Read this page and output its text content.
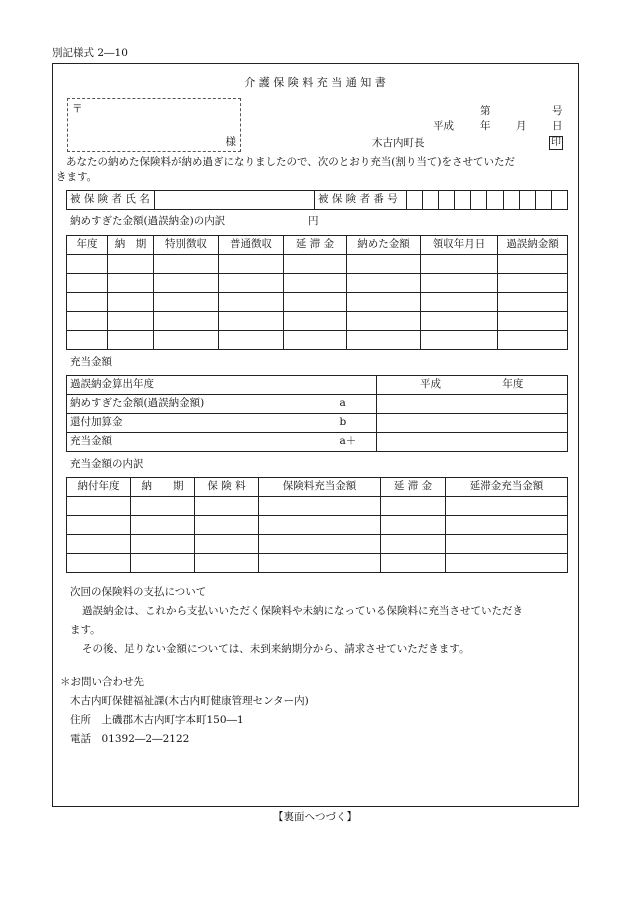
別記様式 2―10
介 護 保 険 料 充 当 通 知 書
〒
様
第	号
平成 年 月 日
木古内町長	印
あなたの納めた保険料が納め過ぎになりましたので、次のとおり充当(割り当て)をさせていただ
きます。
被 保 険 者 氏 名		被 保 険 者 番 号										
納めすぎた金額(過誤納金)の内訳	円
年度	納　期	特別徴収	普通徴収	延 滞 金	納めた金額	領収年月日	過誤納金額

充当金額
過誤納金算出年度		平成 年度
納めすぎた金額(過誤納金額)	a	
還付加算金	b	
充当金額	a＋	
充当金額の内訳
納付年度	納　　期	保 険 料	保険料充当金額	延 滞 金	延滞金充当金額

次回の保険料の支払について
過誤納金は、これから支払いいただく保険料や未納になっている保険料に充当させていただき
ます。
その後、足りない金額については、未到来納期分から、請求させていただきます。
＊お問い合わせ先
木古内町保健福祉課(木古内町健康管理センター内)
住所　上磯郡木古内町字本町150―1
電話　01392―2―2122
【裏面へつづく】
